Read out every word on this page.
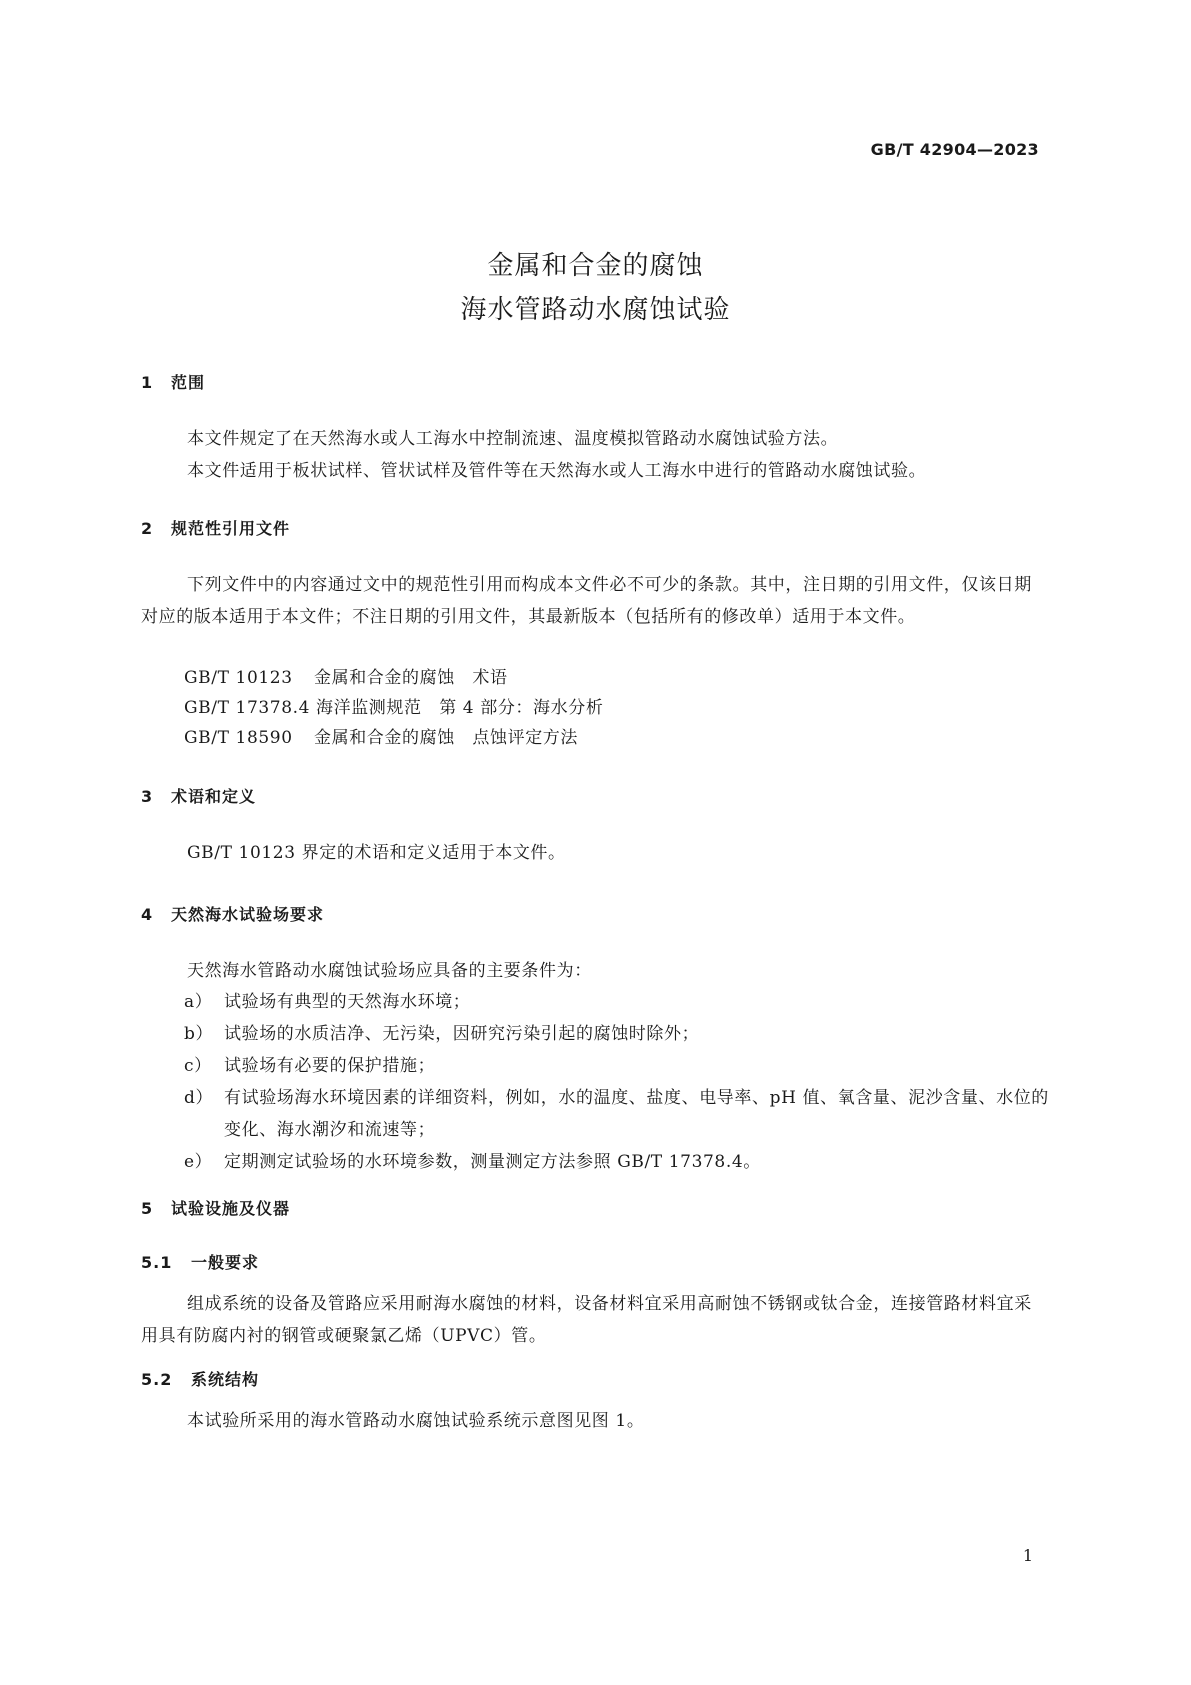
GB/T 42904—2023
金属和合金的腐蚀
海水管路动水腐蚀试验
1 范围
本文件规定了在天然海水或人工海水中控制流速、温度模拟管路动水腐蚀试验方法。
本文件适用于板状试样、管状试样及管件等在天然海水或人工海水中进行的管路动水腐蚀试验。
2 规范性引用文件
下列文件中的内容通过文中的规范性引用而构成本文件必不可少的条款。其中，注日期的引用文件，仅该日期对应的版本适用于本文件；不注日期的引用文件，其最新版本（包括所有的修改单）适用于本文件。
GB/T 10123 金属和合金的腐蚀　术语
GB/T 17378.4 海洋监测规范　第 4 部分：海水分析
GB/T 18590 金属和合金的腐蚀　点蚀评定方法
3 术语和定义
GB/T 10123 界定的术语和定义适用于本文件。
4 天然海水试验场要求
天然海水管路动水腐蚀试验场应具备的主要条件为：
a） 试验场有典型的天然海水环境；
b） 试验场的水质洁净、无污染，因研究污染引起的腐蚀时除外；
c） 试验场有必要的保护措施；
d） 有试验场海水环境因素的详细资料，例如，水的温度、盐度、电导率、pH 值、氧含量、泥沙含量、水位的变化、海水潮汐和流速等；
e） 定期测定试验场的水环境参数，测量测定方法参照 GB/T 17378.4。
5 试验设施及仪器
5.1 一般要求
组成系统的设备及管路应采用耐海水腐蚀的材料，设备材料宜采用高耐蚀不锈钢或钛合金，连接管路材料宜采用具有防腐内衬的钢管或硬聚氯乙烯（UPVC）管。
5.2 系统结构
本试验所采用的海水管路动水腐蚀试验系统示意图见图 1。
1
